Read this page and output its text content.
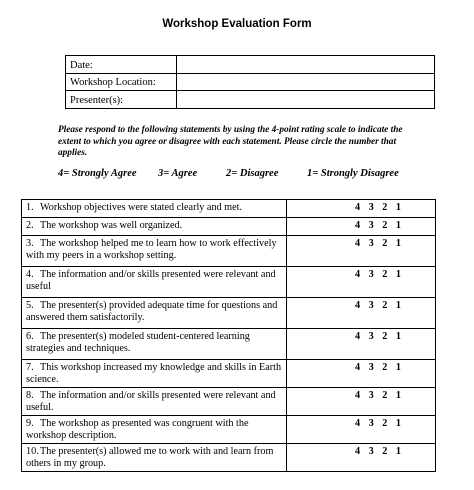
Workshop Evaluation Form
Date:	
Workshop Location:	
Presenter(s):	
Please respond to the following statements by using the 4-point rating scale to indicate the extent to which you agree or disagree with each statement. Please circle the number that applies.
4= Strongly Agree 3= Agree	2= Disagree	1= Strongly Disagree
1. Workshop objectives were stated clearly and met.	4 3 2 1
2. The workshop was well organized.	4 3 2 1
3. The workshop helped me to learn how to work effectively with my peers in a workshop setting.	4 3 2 1
4. The information and/or skills presented were relevant and useful	4 3 2 1
5. The presenter(s) provided adequate time for questions and answered them satisfactorily.	4 3 2 1
6. The presenter(s) modeled student-centered learning strategies and techniques.	4 3 2 1
7. This workshop increased my knowledge and skills in Earth science.	4 3 2 1
8. The information and/or skills presented were relevant and useful.	4 3 2 1
9. The workshop as presented was congruent with the workshop description.	4 3 2 1
10.The presenter(s) allowed me to work with and learn from others in my group.	4 3 2 1
